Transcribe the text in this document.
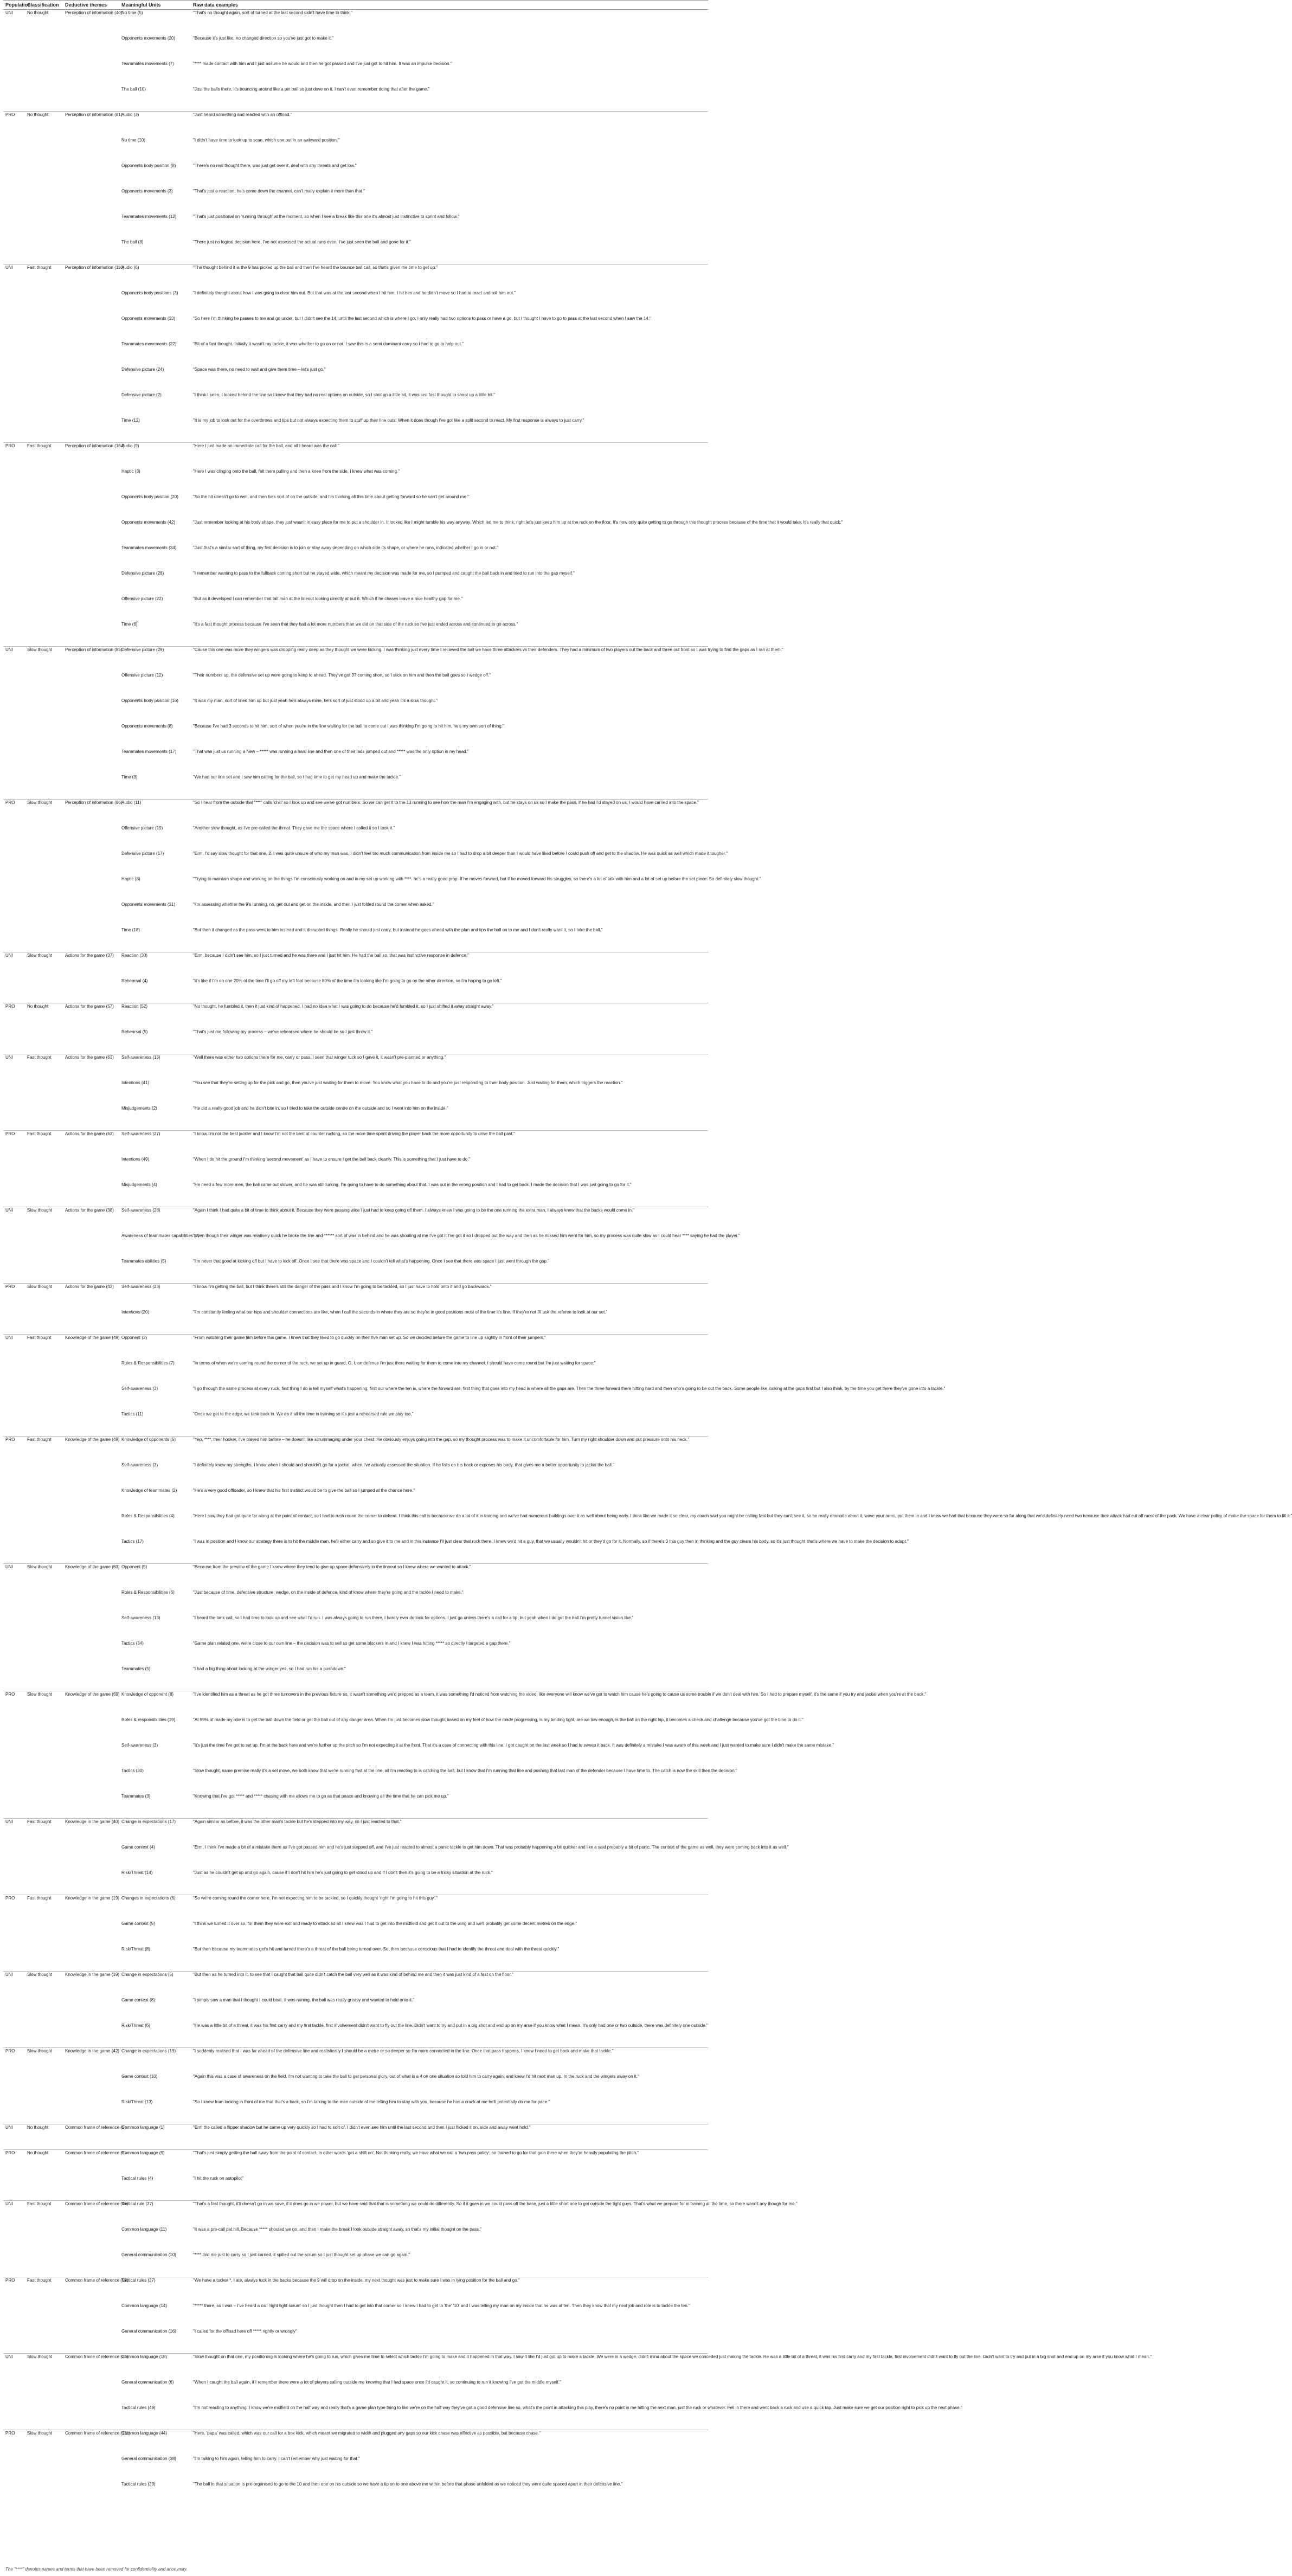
Population	Classification	Deductive themes	Meaningful Units	Raw data examples
UNI	No thought	Perception of information (40)	No time (5)	"That's no thought again, sort of turned at the last second didn't have time to think."
			Opponents movements (20)	"Because it's just like, no changed direction so you've just got to make it."
			Teammates movements (7)	"**** made contact with him and I just assume he would and then he got passed and I've just got to hit him. It was an impulse decision."
			The ball (10)	"Just the balls there, it's bouncing around like a pin ball so just dove on it. I can't even remember doing that after the game."
PRO	No thought	Perception of information (81)	Audio (3)	"Just heard something and reacted with an offload."
			No time (10)	"I didn't have time to look up to scan, which one out in an awkward position."
			Opponents body position (8)	"There's no real thought there, was just get over it, deal with any threats and get low."
			Opponents movements (3)	"That's just a reaction, he's come down the channel, can't really explain it more than that."
			Teammates movements (12)	"That's just positional on 'running through' at the moment, so when I see a break like this one it's almost just instinctive to sprint and follow."
			The ball (8)	"There just no logical decision here, I've not assessed the actual runs even, I've just seen the ball and gone for it."
UNI	Fast thought	Perception of information (110)	Audio (6)	"The thought behind it is the 9 has picked up the ball and then I've heard the bounce ball call, so that's given me time to get up."
			Opponents body positions (3)	"I definitely thought about how I was going to clear him out. But that was at the last second when I hit him, I hit him and he didn't move so I had to react and roll him out."
			Opponents movements (33)	"So here I'm thinking he passes to me and go under, but I didn't see the 14, until the last second which is where I go, I only really had two options to pass or have a go, but I thought I have to go to pass at the last second when I saw the 14."
			Teammates movements (22)	"Bit of a fast thought. Initially it wasn't my tackle, it was whether to go on or not. I saw this is a semi dominant carry so I had to go to help out."
			Defensive picture (24)	"Space was there, no need to wait and give them time – let's just go."
			Defensive picture (2)	"I think I seen, I looked behind the line so I knew that they had no real options on outside, so I shot up a little bit, it was just fast thought to shoot up a little bit."
			Time (12)	"It is my job to look out for the overthrows and tips but not always expecting them to stuff up their line outs. When it does though I've got like a split second to react. My first response is always to just carry."
PRO	Fast thought	Perception of information (164)	Audio (9)	"Here I just made an immediate call for the ball, and all I heard was the call."
			Haptic (3)	"Here I was clinging onto the ball, felt them pulling and then a knee from the side, I knew what was coming."
			Opponents body position (20)	"So the hit doesn't go to well, and then he's sort of on the outside, and I'm thinking all this time about getting forward so he can't get around me."
			Opponents movements (42)	"Just remember looking at his body shape, they just wasn't in easy place for me to put a shoulder in. It looked like I might tumble his way anyway. Which led me to think, right let's just keep him up at the ruck on the floor. It's now only quite getting to go through this thought process because of the time that it would take. It's really that quick."
			Teammates movements (34)	"Just that's a similar sort of thing, my first decision is to join or stay away depending on which side its shape, or where he runs, indicated whether I go in or not."
			Defensive picture (28)	"I remember wanting to pass to the fullback coming short but he stayed wide, which meant my decision was made for me, so I pumped and caught the ball back in and tried to run into the gap myself."
			Offensive picture (22)	"But as it developed I can remember that tall man at the lineout looking directly at out 8. Which if he chases leave a nice healthy gap for me."
			Time (6)	"It's a fast thought process because I've seen that they had a lot more numbers than we did on that side of the ruck so I've just ended across and continued to go across."
UNI	Slow thought	Perception of information (85)	Defensive picture (29)	"Cause this one was more they wingers was dropping really deep as they thought we were kicking, I was thinking just every time I recieved the ball we have three attackers vs their defenders. They had a minimum of two players out the back and three out front so I was trying to find the gaps as I ran at them."
			Offensive picture (12)	"Their numbers up, the defensive set up were going to keep to ahead. They've got 3? coming short, so I stick on him and then the ball goes so I wedge off."
			Opponents body position (16)	"It was my man, sort of lined him up but just yeah he's always mine, he's sort of just stood up a bit and yeah it's a slow thought."
			Opponents movements (8)	"Because I've had 3 seconds to hit him, sort of when you're in the line waiting for the ball to come out I was thinking I'm going to hit him, he's my own sort of thing."
			Teammates movements (17)	"That was just us running a New – ***** was running a hard line and then one of their lads jumped out and ***** was the only option in my head."
			Time (3)	"We had our line set and I saw him calling for the ball, so I had time to get my head up and make the tackle."
PRO	Slow thought	Perception of information (86)	Audio (11)	"So I hear from the outside that "***" calls 'chill' so I look up and see we've got numbers. So we can get it to the 13 running to see how the man I'm engaging with, but he stays on us so I make the pass, if he had I'd stayed on us, I would have carried into the space."
			Offensive picture (19)	"Another slow thought, as I've pre-called the threat. They gave me the space where I called it so I took it."
			Defensive picture (17)	"Erm, I'd say slow thought for that one, 2. I was quite unsure of who my man was, I didn't feel too much communication from inside me so I had to drop a bit deeper than I would have liked before I could push off and get to the shadow. He was quick as well which made it tougher."
			Haptic (8)	"Trying to maintain shape and working on the things I'm consciously working on and in my set up working with ****. he's a really good prop. If he moves forward, but if he moved forward his struggles, so there's a lot of talk with him and a lot of set up before the set piece. So definitely slow thought."
			Opponents movements (31)	"I'm assessing whether the 9's running, no, get out and get on the inside, and then I just folded round the corner when asked."
			Time (18)	"But then it changed as the pass went to him instead and it disrupted things. Really he should just carry, but instead he goes ahead with the plan and tips the ball on to me and I don't really want it, so I take the ball."
UNI	Slow thought	Actions for the game (37)	Reaction (30)	"Erm, because I didn't see him, so I just turned and he was there and I just hit him. He had the ball so, that was instinctive response in defence."
			Rehearsal (4)	"It's like if I'm on one 20% of the time I'll go off my left foot because 80% of the time I'm looking like I'm going to go on the other direction, so I'm hoping to go left."
PRO	No thought	Actions for the game (57)	Reaction (52)	"No thought, he fumbled it, then it just kind of happened. I had no idea what I was going to do because he'd fumbled it, so I just shifted it away straight away."
			Rehearsal (5)	"That's just me following my process – we've rehearsed where he should be so I just throw it."
UNI	Fast thought	Actions for the game (63)	Self-awareness (13)	"Well there was either two options there for me, carry or pass. I seen that winger tuck so I gave it, it wasn't pre-planned or anything."
			Intentions (41)	"You see that they're setting up for the pick and go, then you've just waiting for them to move. You know what you have to do and you're just responding to their body position. Just waiting for them, which triggers the reaction."
			Misjudgements (2)	"He did a really good job and he didn't bite in, so I tried to take the outside centre on the outside and so I went into him on the inside."
PRO	Fast thought	Actions for the game (63)	Self-awareness (27)	"I know I'm not the best jackler and I know I'm not the best at counter rucking, so the more time spent driving the player back the more opportunity to drive the ball past."
			Intentions (49)	"When I do hit the ground I'm thinking 'second movement' as I have to ensure I get the ball back cleanly. This is something that I just have to do."
			Misjudgements (4)	"He need a few more men, the ball came out slower, and he was still lurking. I'm going to have to do something about that. I was out in the wrong position and I had to get back. I made the decision that I was just going to go for it."
UNI	Slow thought	Actions for the game (38)	Self-awareness (28)	"Again I think I had quite a bit of time to think about it. Because they were passing wide I just had to keep going off them. I always knew I was going to be the one running the extra man, I always knew that the backs would come in."
			Awareness of teammates capabilities (2)	"Even though their winger was relatively quick he broke the line and ****** sort of was in behind and he was shouting at me I've got it I've got it so I dropped out the way and then as he missed him went for him, so my process was quite slow as I could hear **** saying he had the player."
			Teammates abilities (5)	"I'm never that good at kicking off but I have to kick off. Once I see that there was space and I couldn't tell what's happening. Once I see that there was space I just went through the gap."
PRO	Slow thought	Actions for the game (43)	Self-awareness (23)	"I know I'm getting the ball, but I think there's still the danger of the pass and I know I'm going to be tackled, so I just have to hold onto it and go backwards."
			Intentions (20)	"I'm constantly feeling what our hips and shoulder connections are like, when I call the seconds in where they are so they're in good positions most of the time it's fine. If they're not I'll ask the referee to look at our set."
UNI	Fast thought	Knowledge of the game (49)	Opponent (3)	"From watching their game film before this game. I knew that they liked to go quickly on their five man set up. So we decided before the game to line up slightly in front of their jumpers."
			Roles & Responsibilities (7)	"In terms of when we're coming round the corner of the ruck, we set up in guard, G, I, on defence I'm just there waiting for them to come into my channel. I should have come round but I'm just waiting for space."
			Self-awareness (3)	"I go through the same process at every ruck, first thing I do is tell myself what's happening, first our where the ten is, where the forward are, first thing that goes into my head is where all the gaps are. Then the three forward there hitting hard and then who's going to be out the back. Some people like looking at the gaps first but I also think, by the time you get there they've gone into a tackle."
			Tactics (11)	"Once we get to the edge, we tank back in. We do it all the time in training so it's just a rehearsed rule we play too."
PRO	Fast thought	Knowledge of the game (49)	Knowledge of opponents (5)	"Yep, ****, their hooker, I've played him before – he doesn't like scrummaging under your chest. He obviously enjoys going into the gap, so my thought process was to make it uncomfortable for him. Turn my right shoulder down and put pressure onto his neck."
			Self-awareness (3)	"I definitely know my strengths, I know when I should and shouldn't go for a jackal, when I've actually assessed the situation. If he falls on his back or exposes his body, that gives me a better opportunity to jackal the ball."
			Knowledge of teammates (2)	"He's a very good offloader, so I knew that his first instinct would be to give the ball so I jumped at the chance here."
			Roles & Responsibilities (4)	"Here I saw they had got quite far along at the point of contact, so I had to rush round the corner to defend. I think this call is because we do a lot of it in training and we've had numerous buildings over it as well about being early. I think like we made it so clear, my coach said you might be calling fast but they can't see it, so be really dramatic about it, wave your arms, put them in and I knew we had that because they were so far along that we'd definitely need two because their attack had cut off most of the pack. We have a clear policy of make the space for them to fill it."
			Tactics (17)	"I was in position and I know our strategy there is to hit the middle man, he'll either carry and so give it to me and in this instance I'll just clear that ruck there. I knew we'd hit a guy, that we usually wouldn't hit or they'd go for it. Normally, so if there's 3 this guy then in thinking and the guy clears his body, so it's just thought 'that's where we have to make the decision to adapt.'"
UNI	Slow thought	Knowledge of the game (63)	Opponent (5)	"Because from the preview of the game I knew where they tend to give up space defensively in the lineout so I knew where we wanted to attack."
			Roles & Responsibilities (6)	"Just because of time, defensive structure, wedge, on the inside of defence, kind of know where they're going and the tackle I need to make."
			Self-awareness (13)	"I heard the tank call, so I had time to look up and see what I'd run. I was always going to run there, I hardly ever do look for options. I just go unless there's a call for a tip, but yeah when I do get the ball I'm pretty tunnel vision like."
			Tactics (34)	"Game plan related one, we're close to our own line – the decision was to sell so get some blockers in and I knew I was hitting ***** so directly I targeted a gap there."
			Teammates (5)	"I had a big thing about looking at the winger yes, so I had run his a pushdown."
PRO	Slow thought	Knowledge of the game (69)	Knowledge of opponent (8)	"I've identified him as a threat as he got three turnovers in the previous fixture so, it wasn't something we'd prepped as a team, it was something I'd noticed from watching the video, like everyone will know we've got to watch him cause he's going to cause us some trouble if we don't deal with him. So I had to prepare myself, it's the same if you try and jackal when you're at the back."
			Roles & responsibilities (19)	"At 99% of made my role is to get the ball down the field or get the ball out of any danger area. When I'm just becomes slow thought based on my feel of how the made progressing, is my binding tight, are we low enough, is the ball on the right hip, it becomes a check and challenge because you've got the time to do it."
			Self-awareness (3)	"It's just the time I've got to set up. I'm at the back here and we're further up the pitch so I'm not expecting it at the front. That it's a case of connecting with this line. I got caught on the last week so I had to sweep it back. It was definitely a mistake I was aware of this week and I just wanted to make sure I didn't make the same mistake."
			Tactics (30)	"Slow thought, same premise really it's a set move, we both know that we're running fast at the line, all I'm reacting to is catching the ball, but I know that I'm running that line and pushing that last man of the defender because I have time to. The catch is now the skill then the decision."
			Teammates (3)	"Knowing that I've got ***** and ***** chasing with me allows me to go as that peace and knowing all the time that he can pick me up."
UNI	Fast thought	Knowledge in the game (40)	Change in expectations (17)	"Again similar as before, it was the other man's tackle but he's stepped into my way, so I just reacted to that."
			Game context (4)	"Erm, I think I've made a bit of a mistake there as I've got passed him and he's just stepped off, and I've just reacted to almost a panic tackle to get him down. That was probably happening a bit quicker and like a said probably a bit of panic. The context of the game as well, they were coming back into it as well."
			Risk/Threat (14)	"Just as he couldn't get up and go again, cause if I don't hit him he's just going to get stood up and if I don't then it's going to be a tricky situation at the ruck."
PRO	Fast thought	Knowledge in the game (19)	Changes in expectations (6)	"So we're coming round the corner here, I'm not expecting him to be tackled, so I quickly thought 'right I'm going to hit this guy'."
			Game context (5)	"I think we turned it over so, for them they were exit and ready to attack so all I knew was I had to get into the midfield and get it out to the wing and we'll probably get some decent metres on the edge."
			Risk/Threat (8)	"But then because my teammates get's hit and turned there's a threat of the ball being turned over. So, then because conscious that I had to identify the threat and deal with the threat quickly."
UNI	Slow thought	Knowledge in the game (19)	Change in expectations (5)	"But then as he turned into it, to see that I caught that ball quite didn't catch the ball very well as it was kind of behind me and then it was just kind of a fast on the floor."
			Game context (8)	"I simply saw a man that I thought I could beat. It was raining, the ball was really greasy and wanted to hold onto it."
			Risk/Threat (6)	"He was a little bit of a threat, it was his first carry and my first tackle, first involvement didn't want to fly out the line. Didn't want to try and put in a big shot and end up on my arse if you know what I mean. It's only had one or two outside, there was definitely one outside."
PRO	Slow thought	Knowledge in the game (42)	Change in expectations (19)	"I suddenly realised that I was far ahead of the defensive line and realistically I should be a metre or so deeper so I'm more connected in the line. Once that pass happens, I know I need to get back and make that tackle."
			Game context (10)	"Again this was a case of awareness on the field. I'm not wanting to take the ball to get personal glory, out of what is a 4 on one situation so told him to carry again, and knew I'd hit next man up. In the ruck and the wingers away on it."
			Risk/Threat (13)	"So I knew from looking in front of me that that's a back, so I'm talking to the man outside of me telling him to stay with you, because he has a crack at me he'll potentially do me for pace."
UNI	No thought	Common frame of reference (5)	Common language (1)	"Erm the called a flipper shadow but he came up very quickly so I had to sort of, I didn't even see him until the last second and then I just flicked it on, side and away went hold."
PRO	No thought	Common frame of reference (9)	Common language (9)	"That's just simply getting the ball away from the point of contact, in other words 'get a shift on'. Not thinking really, we have what we call a 'two pass policy', so trained to go for that gain there when they're heavily populating the pitch."
			Tactical rules (4)	"I hit the ruck on autopilot"
UNI	Fast thought	Common frame of reference (46)	Tactical rule (27)	"That's a fast thought, it'll doesn't go in we save, if it does go in we power, but we have said that that is something we could do differently. So if it goes in we could pass off the base, just a little short one to get outside the tight guys. That's what we prepare for in training all the time, so there wasn't any though for me."
			Common language (11)	"It was a pre-call pat hill. Because ***** shouted we go, and then I make the break I look outside straight away, so that's my initial thought on the pass."
			General communication (10)	"**** told me just to carry so I just carried, it spilled out the scrum so I just thought set up phase we can go again."
PRO	Fast thought	Common frame of reference (57)	Tactical rules (27)	"We have a tucker *, I ate, always tuck in the backs because the 9 will drop on the inside, my next thought was just to make sure I was in lying position for the ball and go."
			Common language (14)	"***** there, so I was – I've heard a call 'right tight scrum' so I just thought then I had to get into that corner so I knew I had to get to 'the' '10' and I was telling my man on my inside that he was at ten. Then they know that my next job and role is to tackle the ten."
			General communication (16)	"I called for the offload here off ***** rightly or wrongly"
UNI	Slow thought	Common frame of reference (29)	Common language (18)	"Slow thought on that one, my positioning is looking where he's going to run, which gives me time to select which tackle I'm going to make and it happened in that way. I saw it like I'd just got up to make a tackle. We were in a wedge, didn't mind about the space we conceded just making the tackle. He was a little bit of a threat, it was his first carry and my first tackle, first involvement didn't want to fly out the line. Didn't want to try and put in a big shot and end up on my arse if you know what I mean."
			General communication (6)	"When I caught the ball again, if I remember there were a lot of players calling outside me knowing that I had space once I'd caught it, so continuing to run it knowing I've got the middle myself."
			Tactical rules (49)	"I'm not reacting to anything. I know we're midfield on the half way and really that's a game plan type thing to like we're on the half way they've got a good defensive line so, what's the point in attacking this play, there's no point in me hitting the next man, just the ruck or whatever. Fell in there and went back a ruck and use a quick tap. Just make sure we get our position right to pick up the next phase."
PRO	Slow thought	Common frame of reference (111)	Common language (44)	"Here, 'papa' was called, which was our call for a box kick, which meant we migrated to width and plugged any gaps so our kick chase was effective as possible, but because chase."
			General communication (38)	"I'm talking to him again, telling him to carry. I can't remember why just waiting for that."
			Tactical rules (29)	"The ball in that situation is pre-organised to go to the 10 and then one on his outside so we have a tip on to one above me within before that phase unfolded as we noticed they were quite spaced apart in their defensive line."
The "****" denotes names and terms that have been removed for confidentiality and anonymity.
